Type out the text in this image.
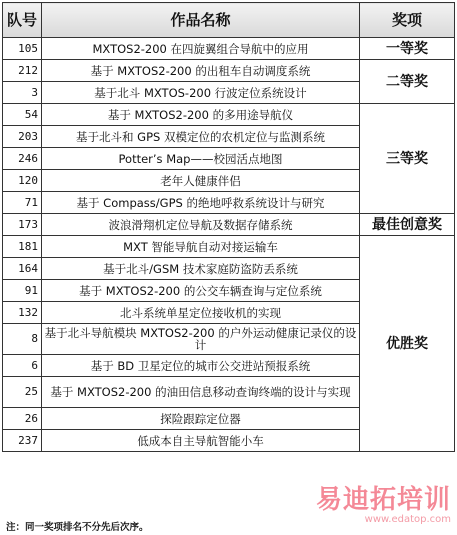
队号	作品名称	奖项
105	MXTOS2-200 在四旋翼组合导航中的应用	一等奖
212	基于 MXTOS2-200 的出租车自动调度系统	二等奖
3	基于北斗 MXTOS-200 行波定位系统设计	
54	基于 MXTOS2-200 的多用途导航仪	三等奖
203	基于北斗和 GPS 双模定位的农机定位与监测系统	
246	Potter’s Map——校园活点地图	
120	老年人健康伴侣	
71	基于 Compass/GPS 的绝地呼救系统设计与研究	
173	波浪滑翔机定位导航及数据存储系统	最佳创意奖
181	MXT 智能导航自动对接运输车	优胜奖
164	基于北斗/GSM 技术家庭防盗防丢系统	
91	基于 MXTOS2-200 的公交车辆查询与定位系统	
132	北斗系统单星定位接收机的实现	
8	基于北斗导航模块 MXTOS2-200 的户外运动健康记录仪的设计	
6	基于 BD 卫星定位的城市公交进站预报系统	
25	基于 MXTOS2-200 的油田信息移动查询终端的设计与实现	
26	探险跟踪定位器	
237	低成本自主导航智能小车	
注：同一奖项排名不分先后次序。
易迪拓培训
www.edatop.com
